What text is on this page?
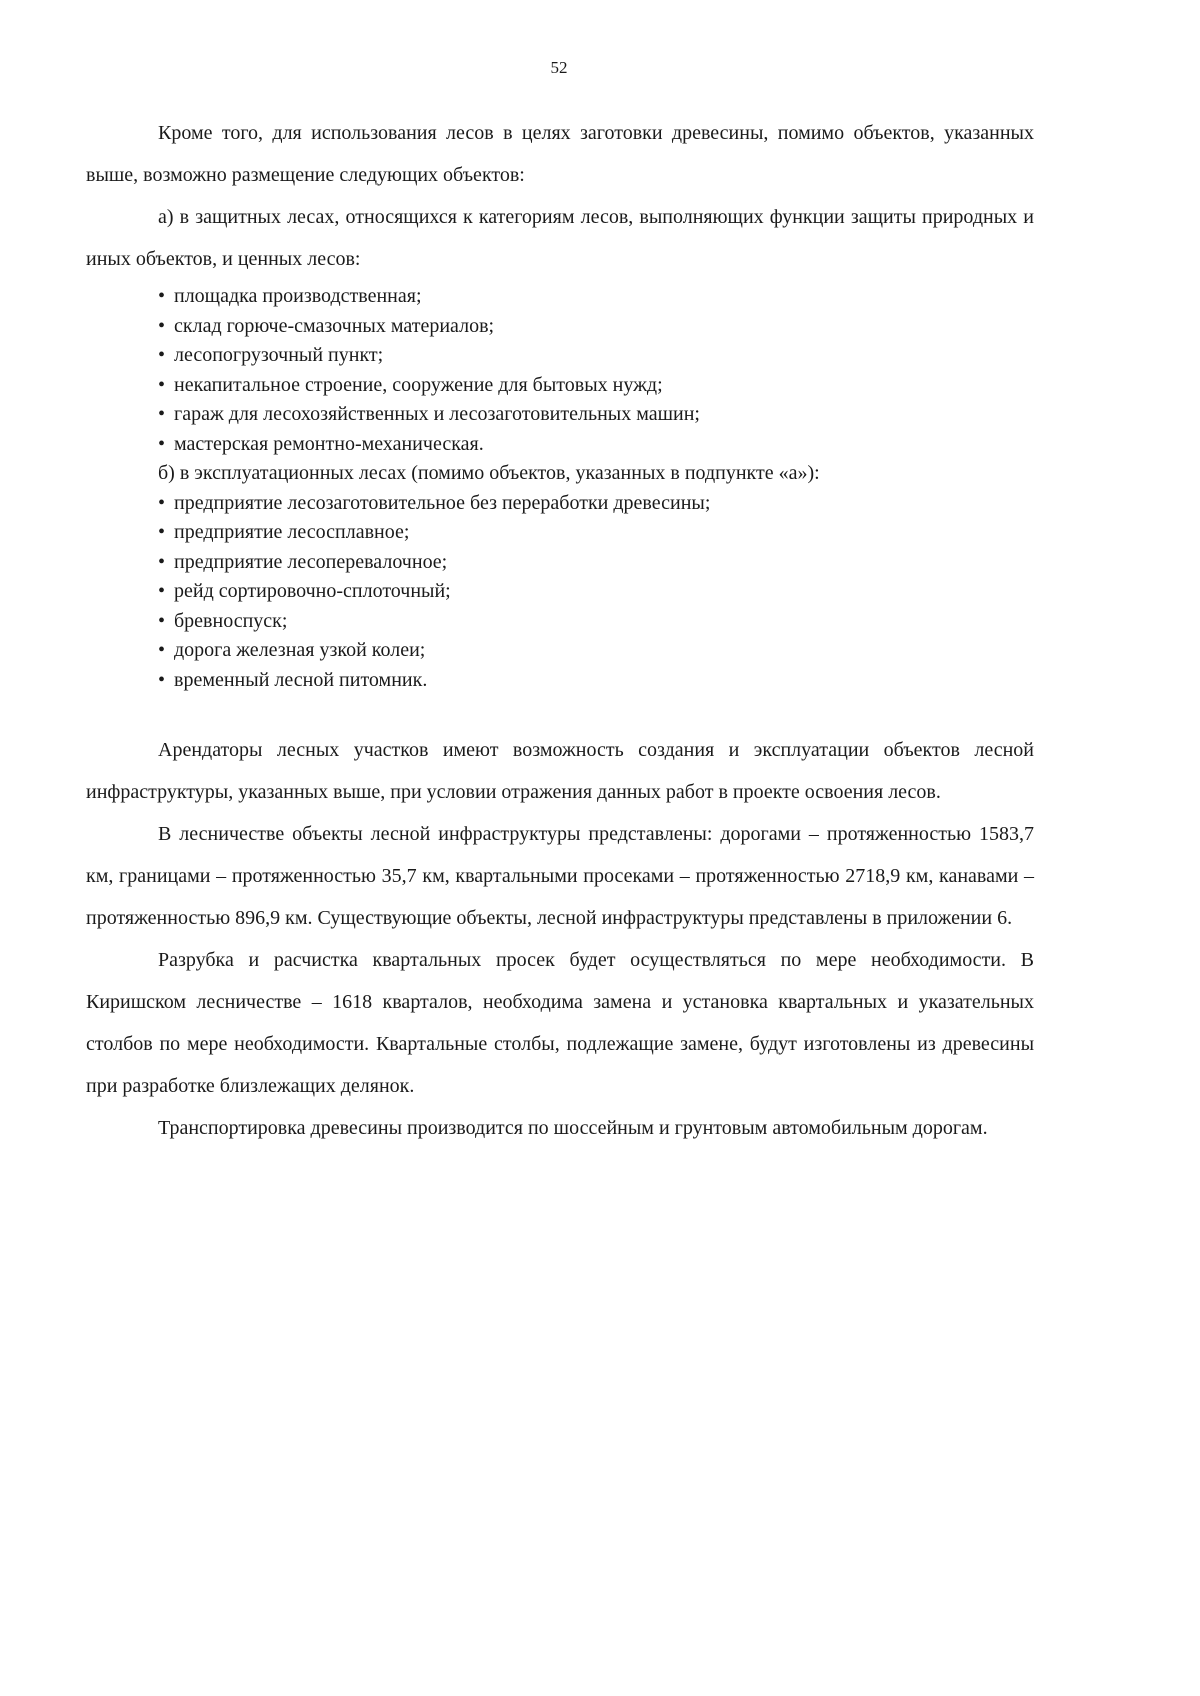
52

Кроме того, для использования лесов в целях заготовки древесины, помимо объектов, указанных выше, возможно размещение следующих объектов:

а) в защитных лесах, относящихся к категориям лесов, выполняющих функции защиты природных и иных объектов, и ценных лесов:

• площадка производственная;
• склад горюче-смазочных материалов;
• лесопогрузочный пункт;
• некапитальное строение, сооружение для бытовых нужд;
• гараж для лесохозяйственных и лесозаготовительных машин;
• мастерская ремонтно-механическая.
б) в эксплуатационных лесах (помимо объектов, указанных в подпункте «а»):
• предприятие лесозаготовительное без переработки древесины;
• предприятие лесосплавное;
• предприятие лесоперевалочное;
• рейд сортировочно-сплоточный;
• бревноспуск;
• дорога железная узкой колеи;
• временный лесной питомник.

Арендаторы лесных участков имеют возможность создания и эксплуатации объектов лесной инфраструктуры, указанных выше, при условии отражения данных работ в проекте освоения лесов.

В лесничестве объекты лесной инфраструктуры представлены: дорогами – протяженностью 1583,7 км, границами – протяженностью 35,7 км, квартальными просеками – протяженностью 2718,9 км, канавами – протяженностью 896,9 км. Существующие объекты, лесной инфраструктуры представлены в приложении 6.

Разрубка и расчистка квартальных просек будет осуществляться по мере необходимости. В Киришском лесничестве – 1618 кварталов, необходима замена и установка квартальных и указательных столбов по мере необходимости. Квартальные столбы, подлежащие замене, будут изготовлены из древесины при разработке близлежащих делянок.

Транспортировка древесины производится по шоссейным и грунтовым автомобильным дорогам.
